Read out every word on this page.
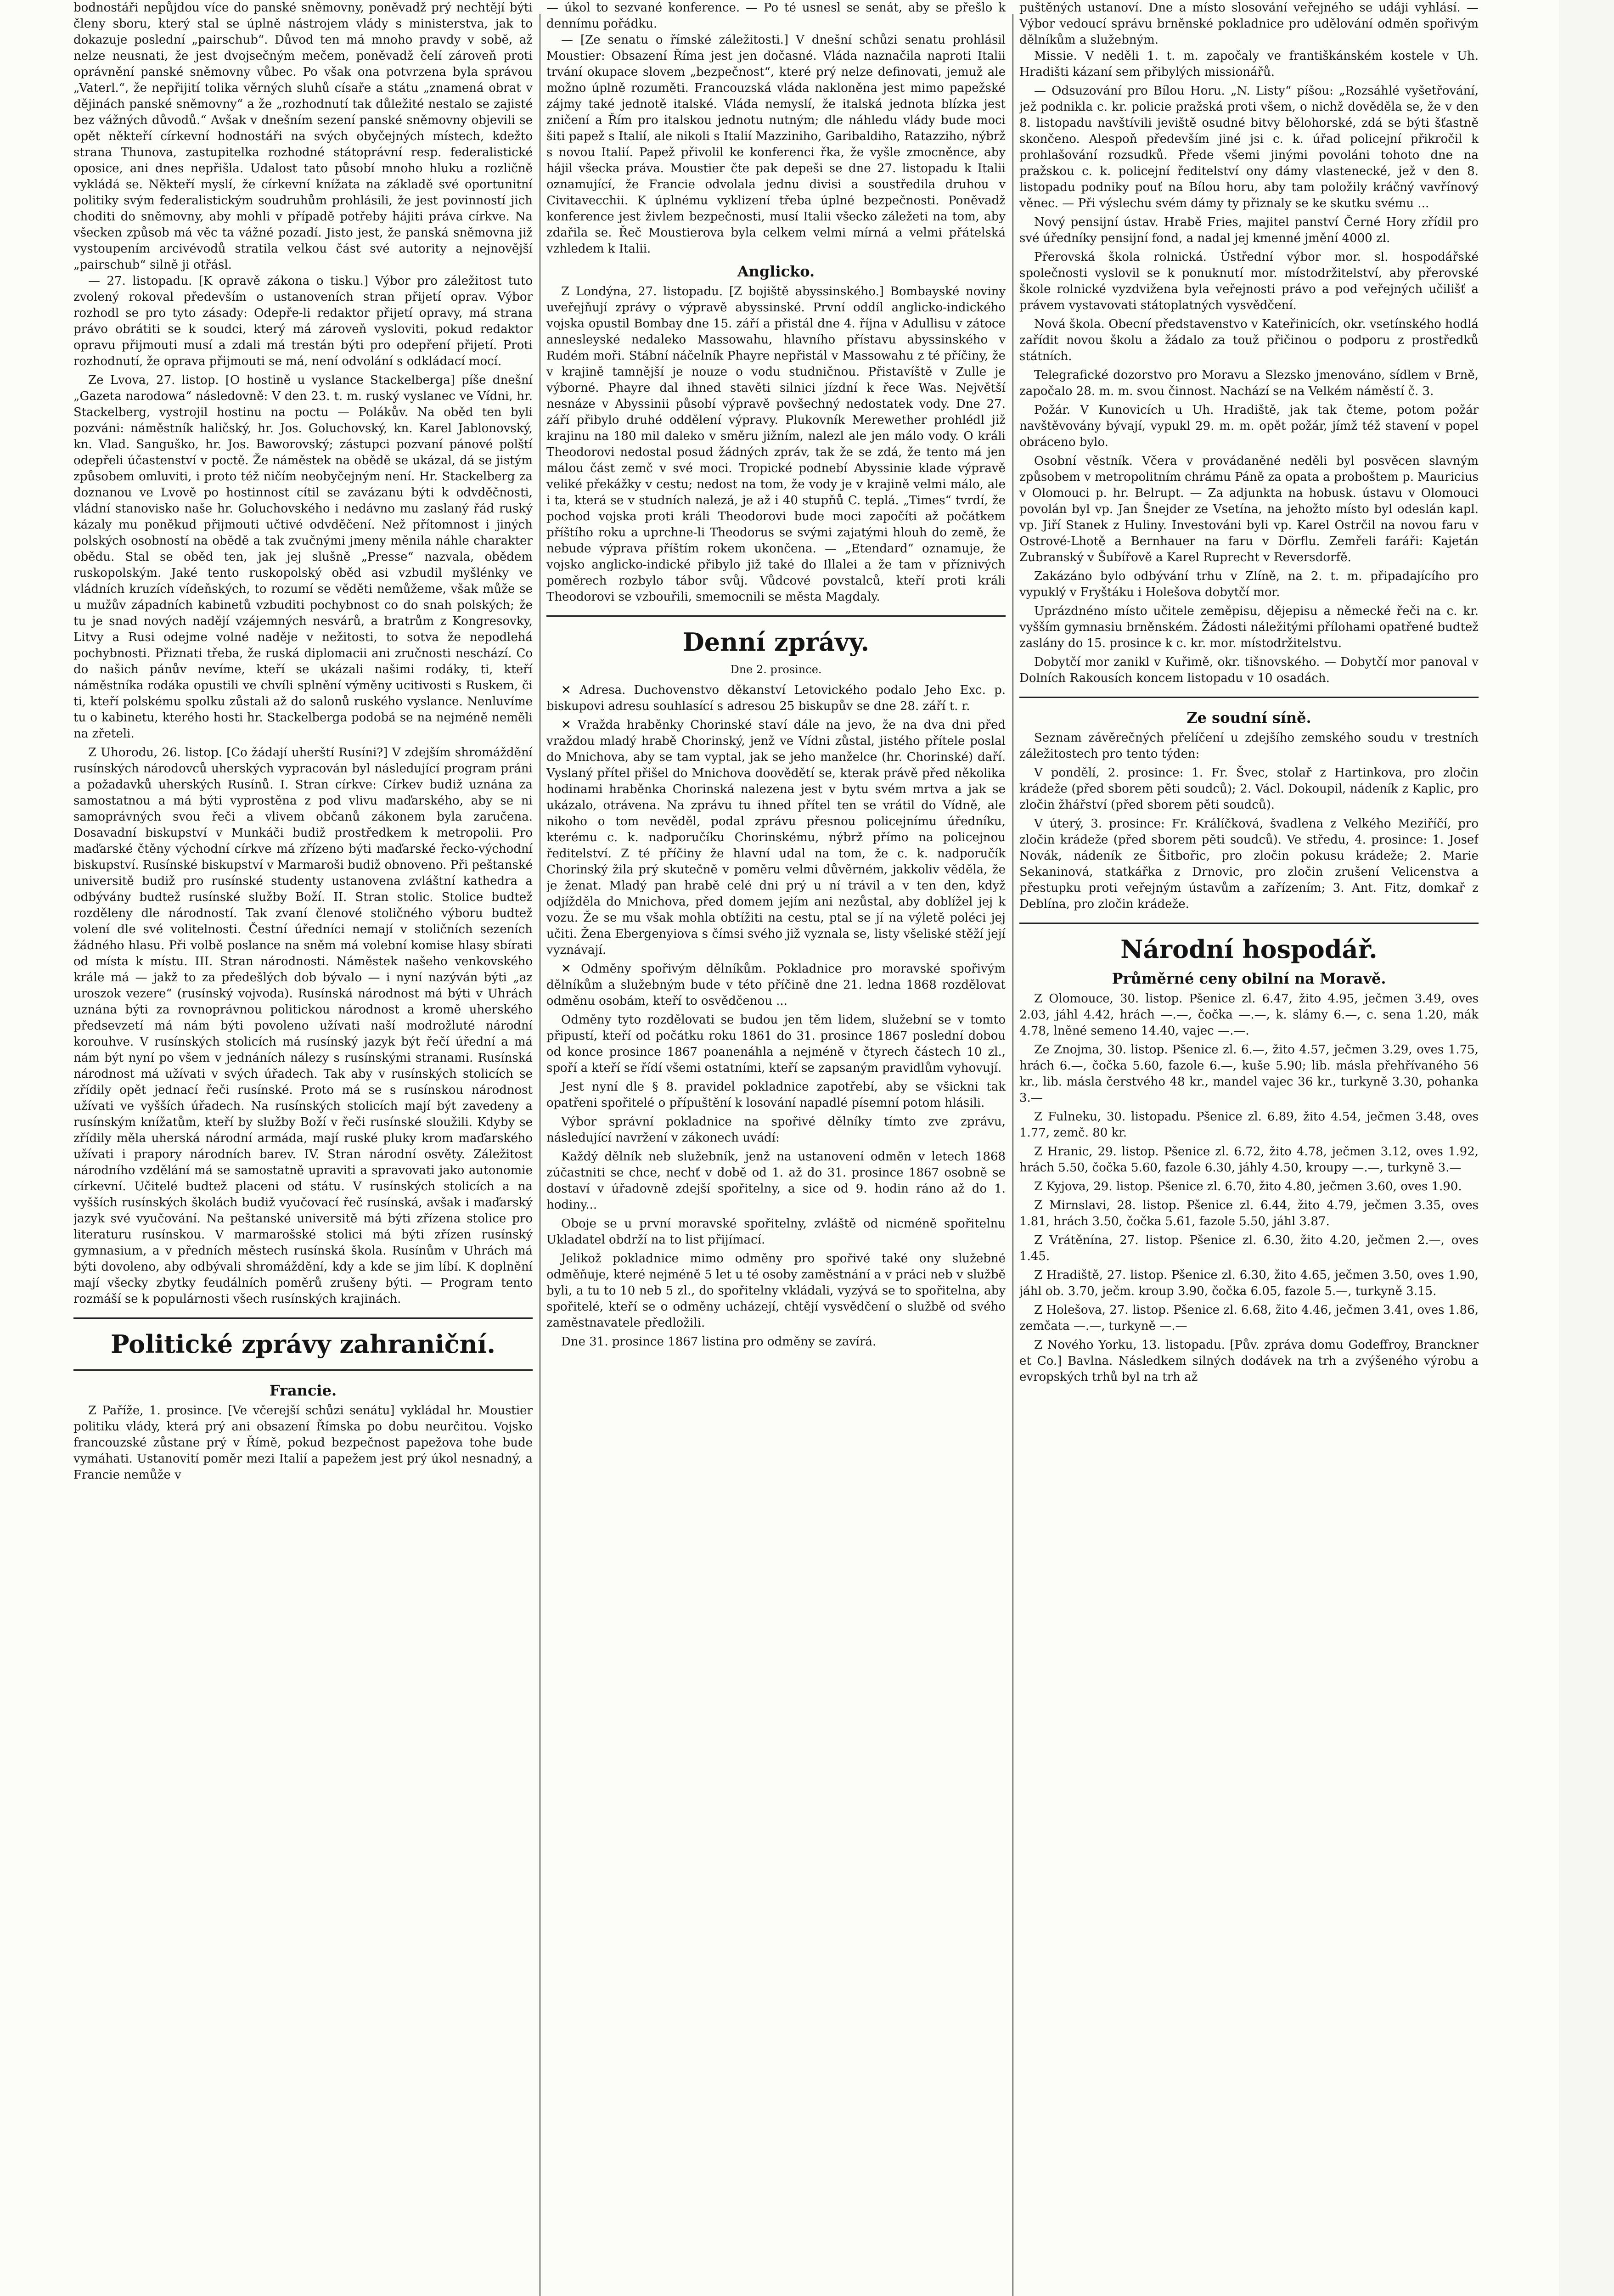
bodnostáři nepůjdou více do panské sněmovny, poněvadž prý nechtějí býti členy sboru, který stal se úplně nástrojem vlády s ministerstva, jak to dokazuje poslední „pairschub“. Důvod ten má mnoho pravdy v sobě, až nelze neusnati, že jest dvojsečným mečem, poněvadž čelí zároveň proti oprávnění panské sněmovny vůbec. Po však ona potvrzena byla správou „Vaterl.“, že nepřijití tolika věrných sluhů císaře a státu „znamená obrat v dějinách panské sněmovny“ a že „rozhodnutí tak důležité nestalo se zajisté bez vážných důvodů.“ Avšak v dnešním sezení panské sněmovny objevili se opět někteří církevní hodnostáři na svých obyčejných místech, kdežto strana Thunova, zastupitelka rozhodné státoprávní resp. federalistické oposice, ani dnes nepřišla. Udalost tato působí mnoho hluku a rozličně vykládá se. Někteří myslí, že církevní knížata na základě své oportunitní politiky svým federalistickým soudruhům prohlásili, že jest povinností jich choditi do sněmovny, aby mohli v případě potřeby hájiti práva církve. Na všecken způsob má věc ta vážné pozadí. Jisto jest, že panská sněmovna již vystoupením arcivévodů stratila velkou část své autority a nejnovější „pairschub“ silně ji otřásl.

— 27. listopadu. [K opravě zákona o tisku.] Výbor pro záležitost tuto zvolený rokoval především o ustanoveních stran přijetí oprav. Výbor rozhodl se pro tyto zásady: Odepře-li redaktor přijetí opravy, má strana právo obrátiti se k soudci, který má zároveň vysloviti, pokud redaktor opravu přijmouti musí a zdali má trestán býti pro odepření přijetí. Proti rozhodnutí, že oprava přijmouti se má, není odvolání s odkládací mocí.

Ze Lvova, 27. listop. [O hostině u vyslance Stackelberga] píše dnešní „Gazeta narodowa“ následovně: V den 23. t. m. ruský vyslanec ve Vídni, hr. Stackelberg, vystrojil hostinu na poctu — Polákův. Na oběd ten byli pozváni: náměstník haličský, hr. Jos. Goluchovský, kn. Karel Jablonovský, kn. Vlad. Sanguško, hr. Jos. Baworovský; zástupci pozvaní pánové polští odepřeli účastenství v poctě. Že náměstek na obědě se ukázal, dá se jistým způsobem omluviti, i proto též ničím neobyčejným není. Hr. Stackelberg za doznanou ve Lvově po hostinnost cítil se zavázanu býti k odvděčnosti, vládní stanovisko naše hr. Goluchovského i nedávno mu zaslaný řád ruský kázaly mu poněkud přijmouti učtivé odvděčení. Než přítomnost i jiných polských osobností na obědě a tak zvučnými jmeny měnila náhle charakter obědu. Stal se oběd ten, jak jej slušně „Presse“ nazvala, obědem ruskopolským. Jaké tento ruskopolský oběd asi vzbudil myšlénky ve vládních kruzích vídeňských, to rozumí se věděti nemůžeme, však může se u mužův západních kabinetů vzbuditi pochybnost co do snah polských; že tu je snad nových nadějí vzájemných nesvárů, a bratrům z Kongresovky, Litvy a Rusi odejme volné naděje v nežitosti, to sotva že nepodlehá pochybnosti. Přiznati třeba, že ruská diplomacii ani zručnosti neschází. Co do našich pánův nevíme, kteří se ukázali našimi rodáky, ti, kteří náměstníka rodáka opustili ve chvíli splnění výměny ucitivosti s Ruskem, či ti, kteří polskému spolku zůstali až do salonů ruského vyslance. Nenluvíme tu o kabinetu, kterého hosti hr. Stackelberga podobá se na nejméně neměli na zřeteli.

Z Uhorodu, 26. listop. [Co žádají uherští Rusíni?] V zdejším shromáždění rusínských národovců uherských vypracován byl následující program práni a požadavků uherských Rusínů. I. Stran církve: Církev budiž uznána za samostatnou a má býti vyprostěna z pod vlivu maďarského, aby se ni samoprávných svou řeči a vlivem občanů zákonem byla zaručena. Dosavadní biskupství v Munkáči budiž prostředkem k metropolii. Pro maďarské čtěny východní církve má zřízeno býti maďarské řecko-východní biskupství. Rusínské biskupství v Marmaroši budiž obnoveno. Při peštanské universitě budiž pro rusínské studenty ustanovena zvláštní kathedra a odbývány budtež rusínské služby Boží. II. Stran stolic. Stolice budtež rozděleny dle národností. Tak zvaní členové stoličného výboru budtež volení dle své volitelnosti. Čestní úředníci nemají v stoličních sezeních žádného hlasu. Při volbě poslance na sněm má volební komise hlasy sbírati od místa k místu. III. Stran národnosti. Náměstek našeho venkovského krále má — jakž to za předešlých dob bývalo — i nyní nazýván býti „az uroszok vezere“ (rusínský vojvoda). Rusínská národnost má býti v Uhrách uznána býti za rovnoprávnou politickou národnost a kromě uherského předsevzetí má nám býti povoleno užívati naší modrožluté národní korouhve. V rusínských stolicích má rusínský jazyk být řečí úřední a má nám být nyní po všem v jednáních nálezy s rusínskými stranami. Rusínská národnost má užívati v svých úřadech. Tak aby v rusínských stolicích se zřídily opět jednací řeči rusínské. Proto má se s rusínskou národnost užívati ve vyšších úřadech. Na rusínských stolicích mají být zavedeny a rusínským knížatům, kteří by služby Boží v řeči rusínské sloužili. Kdyby se zřídily měla uherská národní armáda, mají ruské pluky krom maďarského užívati i prapory národních barev. IV. Stran národní osvěty. Záležitost národního vzdělání má se samostatně upraviti a spravovati jako autonomie církevní. Učitelé budtež placeni od státu. V rusínských stolicích a na vyšších rusínských školách budiž vyučovací řeč rusínská, avšak i maďarský jazyk své vyučování. Na peštanské universitě má býti zřízena stolice pro literaturu rusínskou. V marmarošské stolici má býti zřízen rusínský gymnasium, a v předních městech rusínská škola. Rusínům v Uhrách má býti dovoleno, aby odbývali shromáždění, kdy a kde se jim líbí. K doplnění mají všecky zbytky feudálních poměrů zrušeny býti. — Program tento rozmáší se k populárnosti všech rusínských krajinách.

Politické zprávy zahraniční.
Francie.

Z Paříže, 1. prosince. [Ve včerejší schůzi senátu] vykládal hr. Moustier politiku vlády, která prý ani obsazení Římska po dobu neurčitou. Vojsko francouzské zůstane prý v Římě, pokud bezpečnost papežova tohe bude vymáhati. Ustanovití poměr mezi Italií a papežem jest prý úkol nesnadný, a Francie nemůže v

— úkol to sezvané konference. — Po té usnesl se senát, aby se přešlo k dennímu pořádku.

— [Ze senatu o římské záležitosti.] V dnešní schůzi senatu prohlásil Moustier: Obsazení Říma jest jen dočasné. Vláda naznačila naproti Italii trvání okupace slovem „bezpečnost“, které prý nelze definovati, jemuž ale možno úplně rozuměti. Francouzská vláda nakloněna jest mimo papežské zájmy také jednotě italské. Vláda nemyslí, že italská jednota blízka jest zničení a Řím pro italskou jednotu nutným; dle náhledu vlády bude moci šiti papež s Italií, ale nikoli s Italií Mazziniho, Garibaldiho, Ratazziho, nýbrž s novou Italií. Papež přivolil ke konferenci řka, že vyšle zmocněnce, aby hájil všecka práva. Moustier čte pak depeši se dne 27. listopadu k Italii oznamující, že Francie odvolala jednu divisi a soustředila druhou v Civitavecchii. K úplnému vyklizení třeba úplné bezpečnosti. Poněvadž konference jest živlem bezpečnosti, musí Italii všecko záležeti na tom, aby zdařila se. Řeč Moustierova byla celkem velmi mírná a velmi přátelská vzhledem k Italii.

Anglicko.

Z Londýna, 27. listopadu. [Z bojiště abyssinského.] Bombayské noviny uveřejňují zprávy o výpravě abyssinské. První oddíl anglicko-indického vojska opustil Bombay dne 15. září a přistál dne 4. října v Adullisu v zátoce annesleyské nedaleko Massowahu, hlavního přístavu abyssinského v Rudém moři. Stábní náčelník Phayre nepřistál v Massowahu z té příčiny, že v krajině tamnější je nouze o vodu studničnou. Přistavíště v Zulle je výborné. Phayre dal ihned stavěti silnici jízdní k řece Was. Největší nesnáze v Abyssinii působí výpravě povšechný nedostatek vody. Dne 27. září přibylo druhé oddělení výpravy. Plukovník Merewether prohlédl již krajinu na 180 mil daleko v směru jižním, nalezl ale jen málo vody. O králi Theodorovi nedostal posud žádných zpráv, tak že se zdá, že tento má jen málou část zemč v své moci. Tropické podnebí Abyssinie klade výpravě veliké překážky v cestu; nedost na tom, že vody je v krajině velmi málo, ale i ta, která se v studních nalezá, je až i 40 stupňů C. teplá. „Times“ tvrdí, že pochod vojska proti králi Theodorovi bude moci započíti až počátkem příštího roku a uprchne-li Theodorus se svými zajatými hlouh do země, že nebude výprava příštím rokem ukončena. — „Etendard“ oznamuje, že vojsko anglicko-indické přibylo již také do Illalei a že tam v příznivých poměrech rozbylo tábor svůj. Vůdcové povstalců, kteří proti králi Theodorovi se vzbouřili, smemocnili se města Magdaly.

Denní zprávy.
Dne 2. prosince.

✕ Adresa. Duchovenstvo děkanství Letovického podalo Jeho Exc. p. biskupovi adresu souhlasící s adresou 25 biskupův se dne 28. září t. r.

✕ Vražda hraběnky Chorinské staví dále na jevo, že na dva dni před vraždou mladý hrabě Chorinský, jenž ve Vídni zůstal, jistého přítele poslal do Mnichova, aby se tam vyptal, jak se jeho manželce (hr. Chorinské) daří. Vyslaný přítel přišel do Mnichova doovědětí se, kterak právě před několika hodinami hraběnka Chorinská nalezena jest v bytu svém mrtva a jak se ukázalo, otrávena. Na zprávu tu ihned přítel ten se vrátil do Vídně, ale nikoho o tom nevěděl, podal zprávu přesnou policejnímu úředníku, kterému c. k. nadporučíku Chorinskému, nýbrž přímo na policejnou ředitelství. Z té příčiny že hlavní udal na tom, že c. k. nadporučík Chorinský žila prý skutečně v poměru velmi důvěrném, jakkoliv věděla, že je ženat. Mladý pan hrabě celé dni prý u ní trávil a v ten den, když odjížděla do Mnichova, před domem jejím ani nezůstal, aby doblížel jej k vozu. Že se mu však mohla obtížiti na cestu, ptal se jí na výletě poléci jej učiti. Žena Ebergenyiova s čímsi svého již vyznala se, listy všeliské stěží její vyznávají.

✕ Odměny spořivým dělníkům. Pokladnice pro moravské spořivým dělníkům a služebným bude v této příčině dne 21. ledna 1868 rozdělovat odměnu osobám, kteří to osvědčenou ...

Odměny tyto rozdělovati se budou jen těm lidem, služební se v tomto připustí, kteří od počátku roku 1861 do 31. prosince 1867 poslední dobou od konce prosince 1867 poanenáhla a nejméně v čtyrech částech 10 zl., spoří a kteří se řídí všemi ostatními, kteří se zapsaným pravidlům vyhovují.

Jest nyní dle § 8. pravidel pokladnice zapotřebí, aby se všickni tak opatřeni spořitelé o přípuštění k losování napadlé písemní potom hlásili.

Výbor správní pokladnice na spořivé dělníky tímto zve zprávu, následující navržení v zákonech uvádí:

Každý dělník neb služebník, jenž na ustanovení odměn v letech 1868 zúčastniti se chce, nechť v době od 1. až do 31. prosince 1867 osobně se dostaví v úřadovně zdejší spořitelny, a sice od 9. hodin ráno až do 1. hodiny...

Oboje se u první moravské spořitelny, zvláště od nicméně spořitelnu Ukladatel obdrží na to list přijímací.

Jelikož pokladnice mimo odměny pro spořivé také ony služebné odměňuje, které nejméně 5 let u té osoby zaměstnání a v práci neb v službě byli, a tu to 10 neb 5 zl., do spořitelny vkládali, vyzývá se to spořitelna, aby spořitelé, kteří se o odměny ucházejí, chtějí vysvědčení o službě od svého zaměstnavatele předložili.

Dne 31. prosince 1867 listina pro odměny se zavírá.

puštěných ustanoví. Dne a místo slosování veřejného se udáji vyhlásí. — Výbor vedoucí správu brněnské pokladnice pro udělování odměn spořivým dělníkům a služebným.

Missie. V neděli 1. t. m. započaly ve františkánském kostele v Uh. Hradišti kázaní sem přibylých missionářů.

— Odsuzování pro Bílou Horu. „N. Listy“ píšou: „Rozsáhlé vyšetřování, jež podnikla c. kr. policie pražská proti všem, o nichž dověděla se, že v den 8. listopadu navštívili jeviště osudné bitvy bělohorské, zdá se býti šťastně skončeno. Alespoň především jiné jsi c. k. úřad policejní přikročil k prohlašování rozsudků. Přede všemi jinými povoláni tohoto dne na pražskou c. k. policejní ředitelství ony dámy vlastenecké, jež v den 8. listopadu podniky pouť na Bílou horu, aby tam položily kráčný vavřínový věnec. — Při výslechu svém dámy ty přiznaly se ke skutku svému ...

Nový pensijní ústav. Hrabě Fries, majitel panství Černé Hory zřídil pro své úředníky pensijní fond, a nadal jej kmenné jmění 4000 zl.

Přerovská škola rolnická. Ústřední výbor mor. sl. hospodářské společnosti vyslovil se k ponuknutí mor. místodržitelství, aby přerovské škole rolnické vyzdvižena byla veřejnosti právo a pod veřejných učilišť a právem vystavovati státoplatných vysvědčení.

Nová škola. Obecní představenstvo v Kateřinicích, okr. vsetínského hodlá zařídit novou školu a žádalo za touž přičinou o podporu z prostředků státních.

Telegrafické dozorstvo pro Moravu a Slezsko jmenováno, sídlem v Brně, započalo 28. m. m. svou činnost. Nachází se na Velkém náměstí č. 3.

Požár. V Kunovicích u Uh. Hradiště, jak tak čteme, potom požár navštěvovány bývají, vypukl 29. m. m. opět požár, jímž též stavení v popel obráceno bylo.

Osobní věstník. Včera v provádaněné neděli byl posvěcen slavným způsobem v metropolitním chrámu Páně za opata a proboštem p. Mauricius v Olomouci p. hr. Belrupt. — Za adjunkta na hobusk. ústavu v Olomouci povolán byl vp. Jan Šnejder ze Vsetína, na jehožto místo byl odeslán kapl. vp. Jiří Stanek z Huliny. Investováni byli vp. Karel Ostrčil na novou faru v Ostrové-Lhotě a Bernhauer na faru v Dörflu. Zemřeli faráři: Kajetán Zubranský v Šubířově a Karel Ruprecht v Reversdorfě.

Zakázáno bylo odbývání trhu v Zlíně, na 2. t. m. připadajícího pro vypuklý v Fryštáku i Holešova dobytčí mor.

Uprázdnéno místo učitele zeměpisu, dějepisu a německé řeči na c. kr. vyšším gymnasiu brněnském. Žádosti náležitými přílohami opatřené budtež zaslány do 15. prosince k c. kr. mor. místodržitelstvu.

Dobytčí mor zanikl v Kuřimě, okr. tišnovského. — Dobytčí mor panoval v Dolních Rakousích koncem listopadu v 10 osadách.

Ze soudní síně.

Seznam závěrečných přelíčení u zdejšího zemského soudu v trestních záležitostech pro tento týden:

V pondělí, 2. prosince: 1. Fr. Švec, stolař z Hartinkova, pro zločin krádeže (před sborem pěti soudců); 2. Václ. Dokoupil, nádeník z Kaplic, pro zločin žhářství (před sborem pěti soudců).

V úterý, 3. prosince: Fr. Králíčková, švadlena z Velkého Meziříčí, pro zločin krádeže (před sborem pěti soudců). Ve středu, 4. prosince: 1. Josef Novák, nádeník ze Šitbořic, pro zločin pokusu krádeže; 2. Marie Sekaninová, statkářka z Drnovic, pro zločin zrušení Velicenstva a přestupku proti veřejným ústavům a zařízením; 3. Ant. Fitz, domkař z Deblína, pro zločin krádeže.

Národní hospodář.
Průměrné ceny obilní na Moravě.

Z Olomouce, 30. listop. Pšenice zl. 6.47, žito 4.95, ječmen 3.49, oves 2.03, jáhl 4.42, hrách —.—, čočka —.—, k. slámy 6.—, c. sena 1.20, mák 4.78, lněné semeno 14.40, vajec —.—.

Ze Znojma, 30. listop. Pšenice zl. 6.—, žito 4.57, ječmen 3.29, oves 1.75, hrách 6.—, čočka 5.60, fazole 6.—, kuše 5.90; lib. másla přehřívaného 56 kr., lib. másla čerstvého 48 kr., mandel vajec 36 kr., turkyně 3.30, pohanka 3.—

Z Fulneku, 30. listopadu. Pšenice zl. 6.89, žito 4.54, ječmen 3.48, oves 1.77, zemč. 80 kr.

Z Hranic, 29. listop. Pšenice zl. 6.72, žito 4.78, ječmen 3.12, oves 1.92, hrách 5.50, čočka 5.60, fazole 6.30, jáhly 4.50, kroupy —.—, turkyně 3.—

Z Kyjova, 29. listop. Pšenice zl. 6.70, žito 4.80, ječmen 3.60, oves 1.90.

Z Mirnslavi, 28. listop. Pšenice zl. 6.44, žito 4.79, ječmen 3.35, oves 1.81, hrách 3.50, čočka 5.61, fazole 5.50, jáhl 3.87.

Z Vrátěnína, 27. listop. Pšenice zl. 6.30, žito 4.20, ječmen 2.—, oves 1.45.

Z Hradiště, 27. listop. Pšenice zl. 6.30, žito 4.65, ječmen 3.50, oves 1.90, jáhl ob. 3.70, ječm. kroup 3.90, čočka 6.05, fazole 5.—, turkyně 3.15.

Z Holešova, 27. listop. Pšenice zl. 6.68, žito 4.46, ječmen 3.41, oves 1.86, zemčata —.—, turkyně —.—

Z Nového Yorku, 13. listopadu. [Pův. zpráva domu Godeffroy, Branckner et Co.] Bavlna. Následkem silných dodávek na trh a zvýšeného výrobu a evropských trhů byl na trh až
